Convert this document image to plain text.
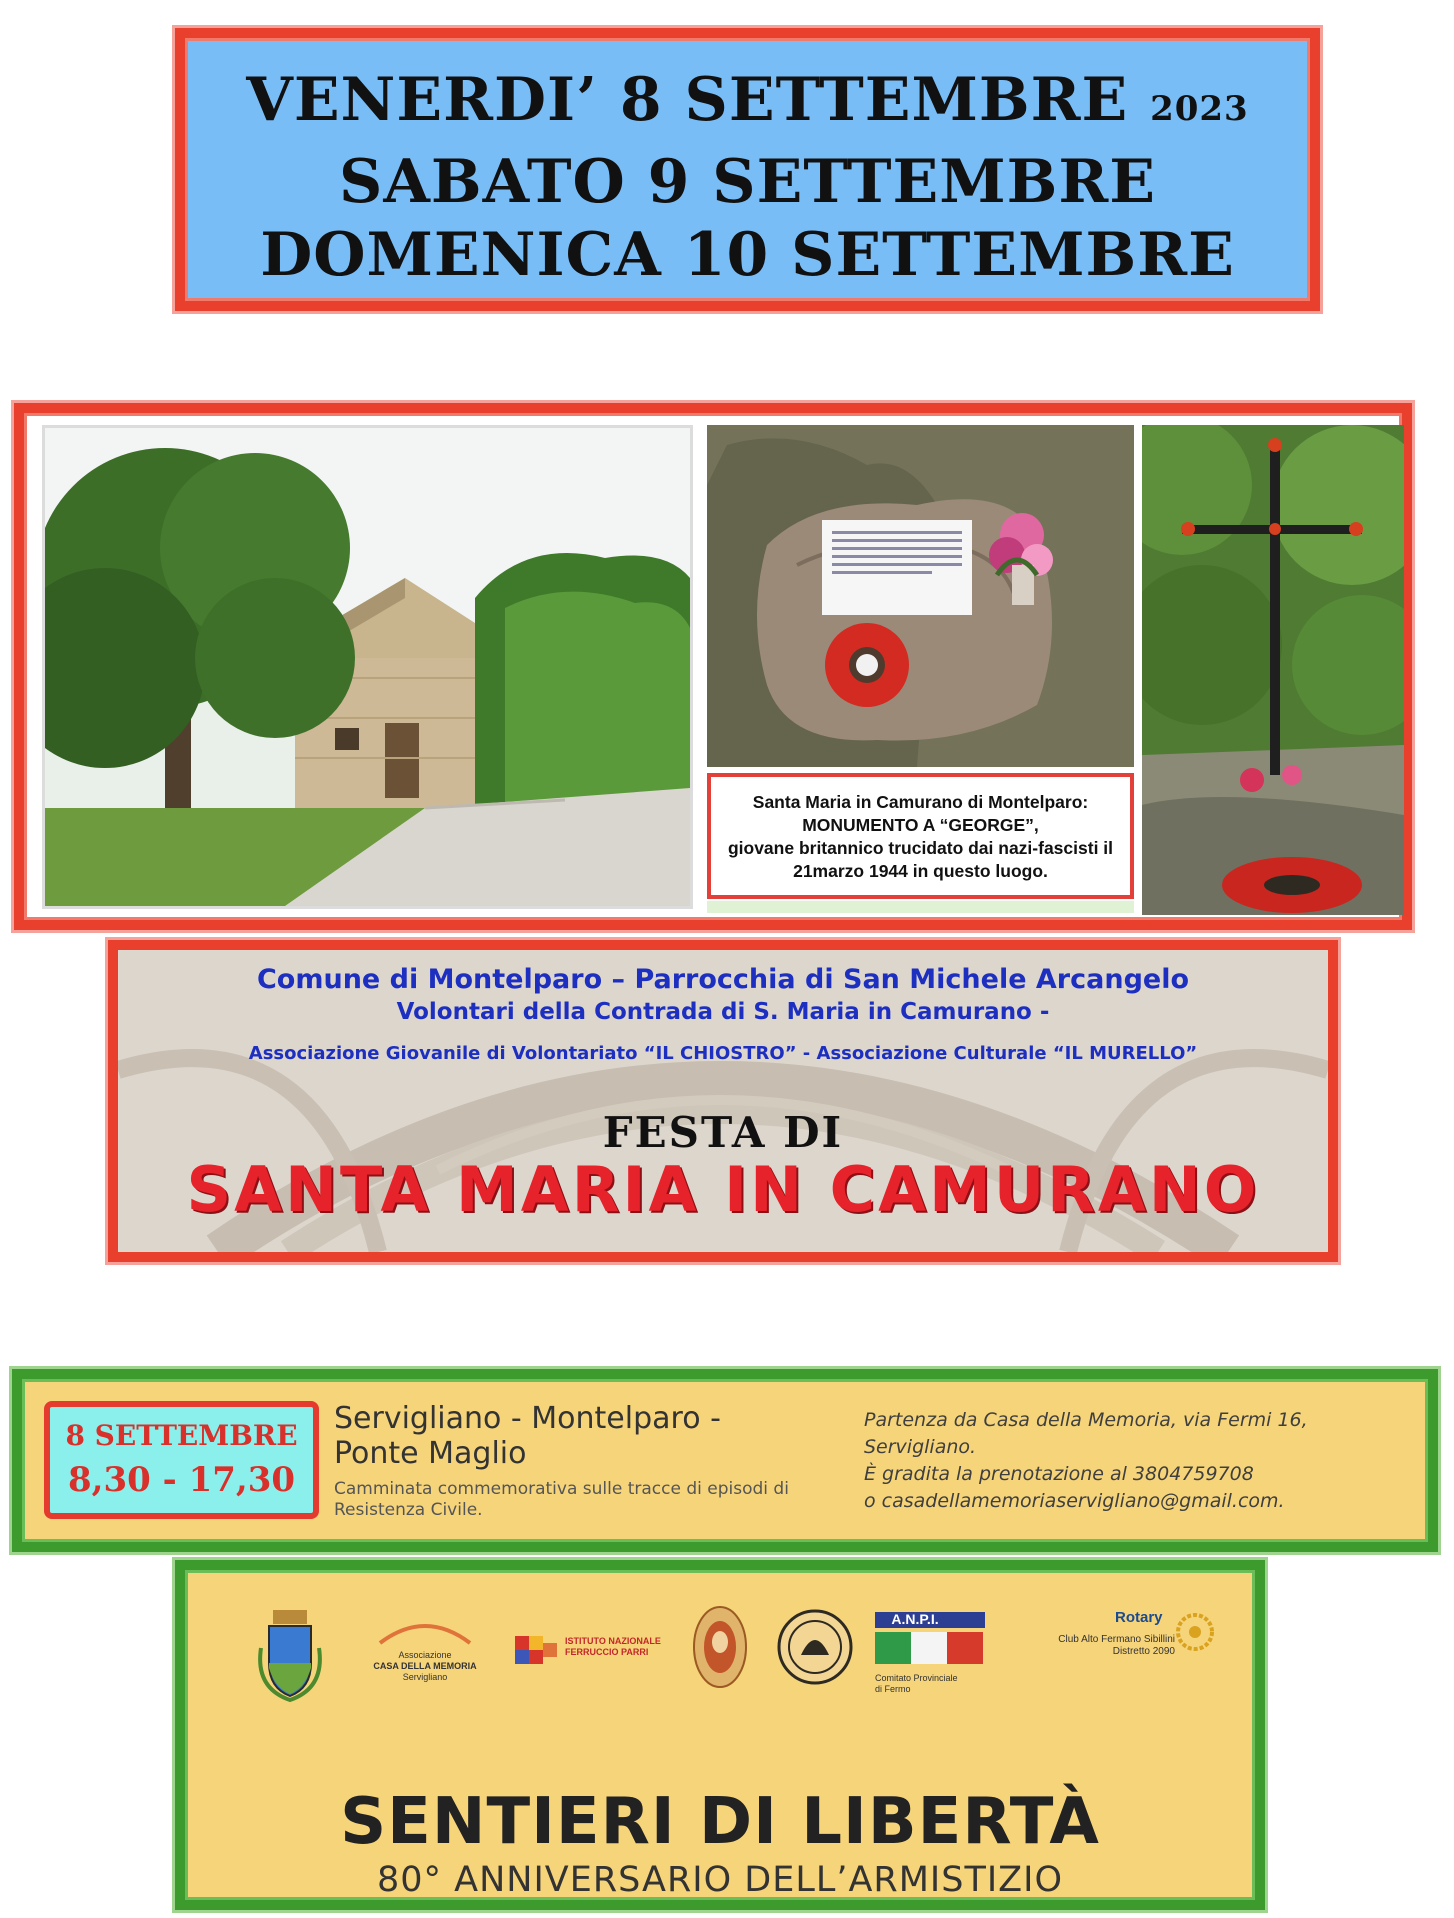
VENERDI’ 8 SETTEMBRE 2023
SABATO 9 SETTEMBRE
DOMENICA 10 SETTEMBRE
Santa Maria in Camurano di Montelparo:
MONUMENTO A “GEORGE”,
giovane britannico trucidato dai nazi-fascisti il
21marzo 1944 in questo luogo.
Comune di Montelparo – Parrocchia di San Michele Arcangelo
Volontari della Contrada di S. Maria in Camurano -
Associazione Giovanile di Volontariato “IL CHIOSTRO” - Associazione Culturale “IL MURELLO”
FESTA DI
SANTA MARIA IN CAMURANO
8 SETTEMBRE
8,30 - 17,30
Servigliano - Montelparo - Ponte Maglio
Camminata commemorativa sulle tracce di episodi di Resistenza Civile.
Partenza da Casa della Memoria, via Fermi 16,
Servigliano.
È gradita la prenotazione al 3804759708
o casadellamemoriaservigliano@gmail.com.
Associazione
CASA DELLA MEMORIA
Servigliano
ISTITUTO NAZIONALE
FERRUCCIO PARRI
A.N.P.I.
Comitato Provinciale
di Fermo
Rotary
Club Alto Fermano Sibillini
Distretto 2090
SENTIERI DI LIBERTÀ
80° ANNIVERSARIO DELL’ARMISTIZIO
